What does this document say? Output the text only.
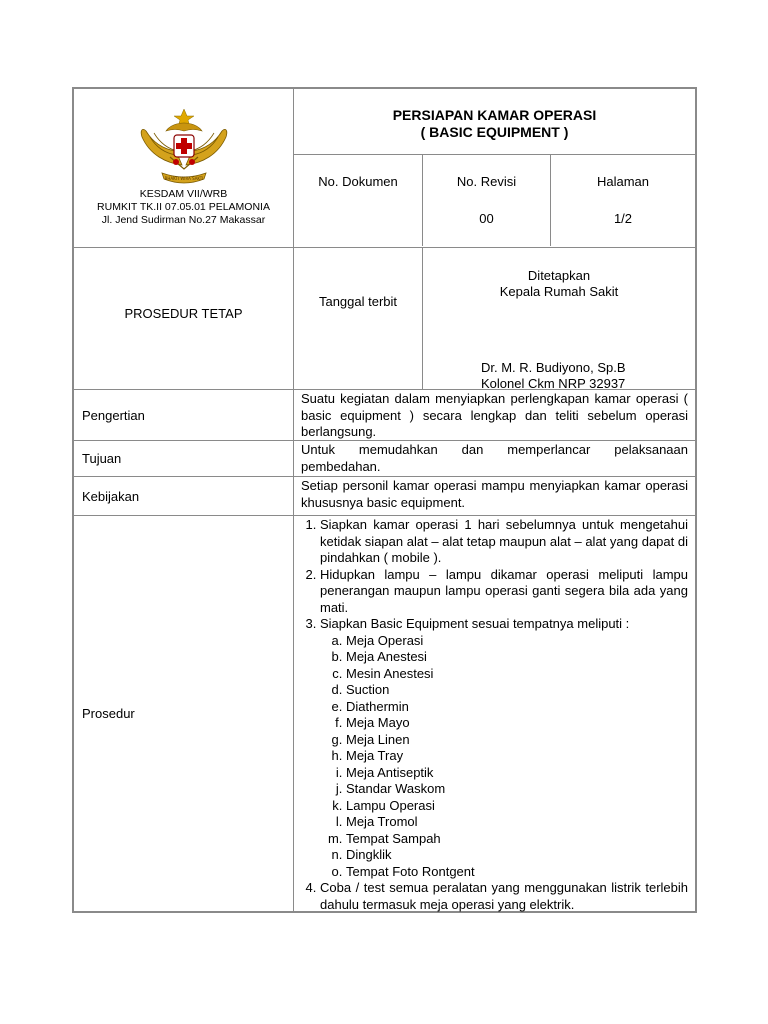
BHAKTI WIRA SAKTI
KESDAM VII/WRB
RUMKIT TK.II 07.05.01 PELAMONIA
Jl. Jend Sudirman No.27 Makassar
PERSIAPAN KAMAR OPERASI
( BASIC EQUIPMENT )
No. Dokumen	No. Revisi
00
Halaman
1/2
PROSEDUR TETAP
Tanggal terbit
Ditetapkan
Kepala Rumah Sakit
Dr. M. R. Budiyono, Sp.B
Kolonel Ckm NRP 32937
Pengertian
Suatu kegiatan dalam menyiapkan perlengkapan kamar operasi ( basic equipment ) secara lengkap dan teliti sebelum operasi berlangsung.
Tujuan
Untuk memudahkan dan memperlancar pelaksanaan pembedahan.
Kebijakan
Setiap personil kamar operasi mampu menyiapkan kamar operasi khususnya basic equipment.
Prosedur
1. Siapkan kamar operasi 1 hari sebelumnya untuk mengetahui ketidak siapan alat – alat tetap maupun alat – alat yang dapat di pindahkan ( mobile ).
2. Hidupkan lampu – lampu dikamar operasi meliputi lampu penerangan maupun lampu operasi ganti segera bila ada yang mati.
3. Siapkan Basic Equipment sesuai tempatnya meliputi :
a. Meja Operasi
b. Meja Anestesi
c. Mesin Anestesi
d. Suction
e. Diathermin
f. Meja Mayo
g. Meja Linen
h. Meja Tray
i. Meja Antiseptik
j. Standar Waskom
k. Lampu Operasi
l. Meja Tromol
m. Tempat Sampah
n. Dingklik
o. Tempat Foto Rontgent
4. Coba / test semua peralatan yang menggunakan listrik terlebih dahulu termasuk meja operasi yang elektrik.
